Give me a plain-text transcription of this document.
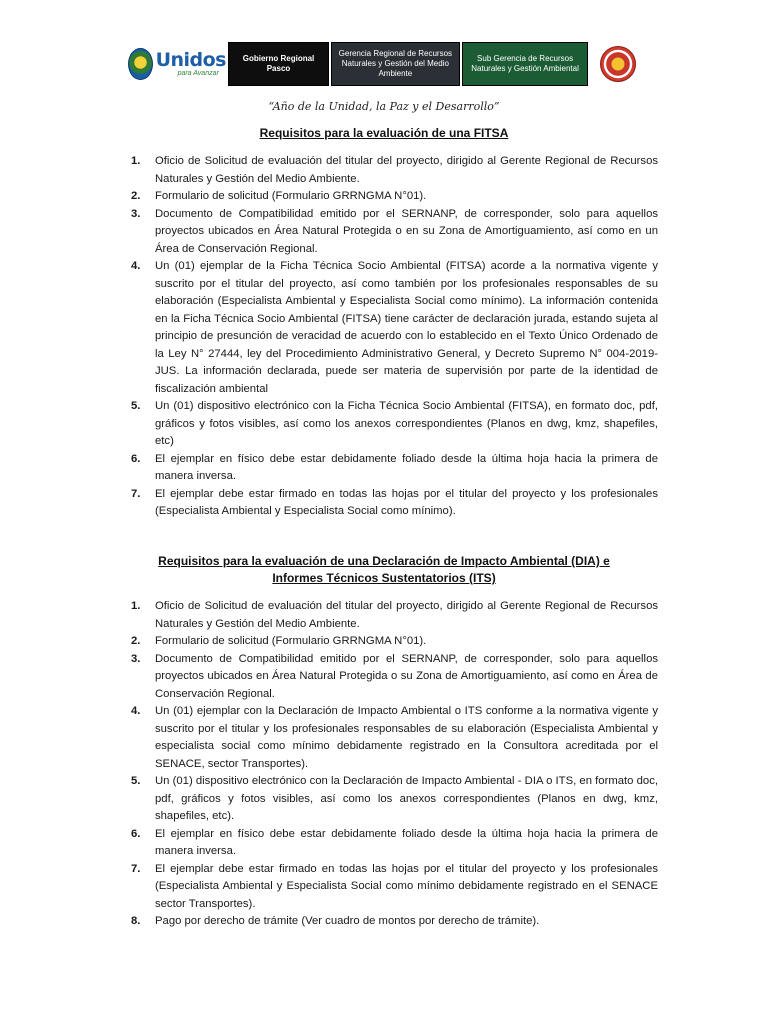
Unidos
para Avanzar
Gobierno Regional Pasco
Gerencia Regional de Recursos Naturales y Gestión del Medio Ambiente
Sub Gerencia de Recursos Naturales y Gestión Ambiental
“Año de la Unidad, la Paz y el Desarrollo”
Requisitos para la evaluación de una FITSA
1.	Oficio de Solicitud de evaluación del titular del proyecto, dirigido al Gerente Regional de Recursos Naturales y Gestión del Medio Ambiente.
2.	Formulario de solicitud (Formulario GRRNGMA N°01).
3.	Documento de Compatibilidad emitido por el SERNANP, de corresponder, solo para aquellos proyectos ubicados en Área Natural Protegida o en su Zona de Amortiguamiento, así como en un Área de Conservación Regional.
4.	Un (01) ejemplar de la Ficha Técnica Socio Ambiental (FITSA) acorde a la normativa vigente y suscrito por el titular del proyecto, así como también por los profesionales responsables de su elaboración (Especialista Ambiental y Especialista Social como mínimo). La información contenida en la Ficha Técnica Socio Ambiental (FITSA) tiene carácter de declaración jurada, estando sujeta al principio de presunción de veracidad de acuerdo con lo establecido en el Texto Único Ordenado de la Ley N° 27444, ley del Procedimiento Administrativo General, y Decreto Supremo N° 004-2019-JUS. La información declarada, puede ser materia de supervisión por parte de la identidad de fiscalización ambiental
5.	Un (01) dispositivo electrónico con la Ficha Técnica Socio Ambiental (FITSA), en formato doc, pdf, gráficos y fotos visibles, así como los anexos correspondientes (Planos en dwg, kmz, shapefiles, etc)
6.	El ejemplar en físico debe estar debidamente foliado desde la última hoja hacia la primera de manera inversa.
7.	El ejemplar debe estar firmado en todas las hojas por el titular del proyecto y los profesionales (Especialista Ambiental y Especialista Social como mínimo).
Requisitos para la evaluación de una Declaración de Impacto Ambiental (DIA) e Informes Técnicos Sustentatorios (ITS)
1.	Oficio de Solicitud de evaluación del titular del proyecto, dirigido al Gerente Regional de Recursos Naturales y Gestión del Medio Ambiente.
2.	Formulario de solicitud (Formulario GRRNGMA N°01).
3.	Documento de Compatibilidad emitido por el SERNANP, de corresponder, solo para aquellos proyectos ubicados en Área Natural Protegida o su Zona de Amortiguamiento, así como en Área de Conservación Regional.
4.	Un (01) ejemplar con la Declaración de Impacto Ambiental o ITS conforme a la normativa vigente y suscrito por el titular y los profesionales responsables de su elaboración (Especialista Ambiental y especialista social como mínimo debidamente registrado en la Consultora acreditada por el SENACE, sector Transportes).
5.	Un (01) dispositivo electrónico con la Declaración de Impacto Ambiental - DIA o ITS, en formato doc, pdf, gráficos y fotos visibles, así como los anexos correspondientes (Planos en dwg, kmz, shapefiles, etc).
6.	El ejemplar en físico debe estar debidamente foliado desde la última hoja hacia la primera de manera inversa.
7.	El ejemplar debe estar firmado en todas las hojas por el titular del proyecto y los profesionales (Especialista Ambiental y Especialista Social como mínimo debidamente registrado en el SENACE sector Transportes).
8.	Pago por derecho de trámite (Ver cuadro de montos por derecho de trámite).
